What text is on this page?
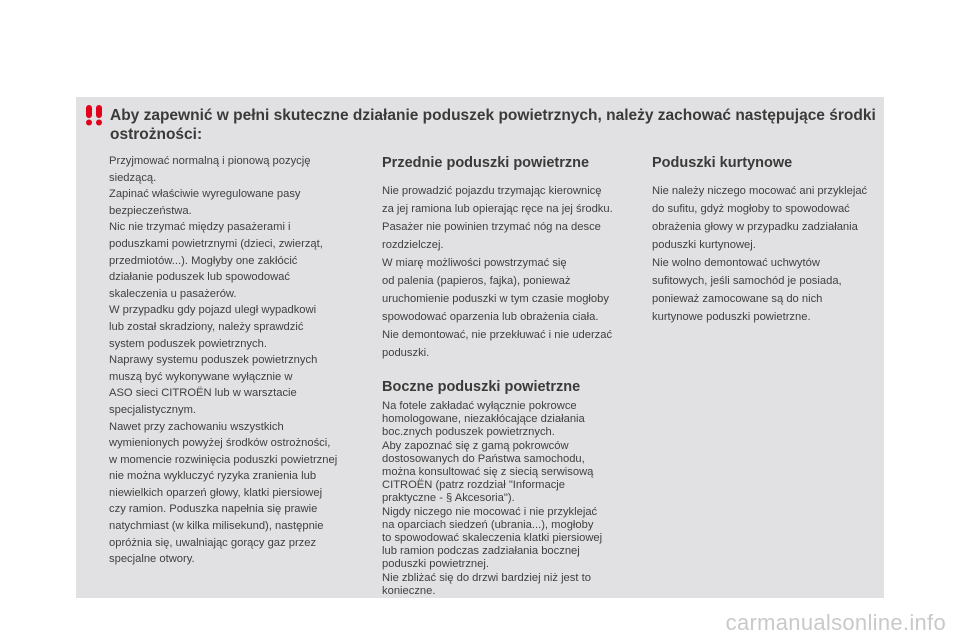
Aby zapewnić w pełni skuteczne działanie poduszek powietrznych, należy zachować następujące środki ostrożności:
Przyjmować normalną i pionową pozycję
siedzącą.
Zapinać właściwie wyregulowane pasy
bezpieczeństwa.
Nic nie trzymać między pasażerami i
poduszkami powietrznymi (dzieci, zwierząt,
przedmiotów...). Mogłyby one zakłócić
działanie poduszek lub spowodować
skaleczenia u pasażerów.
W przypadku gdy pojazd uległ wypadkowi
lub został skradziony, należy sprawdzić
system poduszek powietrznych.
Naprawy systemu poduszek powietrznych
muszą być wykonywane wyłącznie w
ASO sieci CITROËN lub w warsztacie
specjalistycznym.
Nawet przy zachowaniu wszystkich
wymienionych powyżej środków ostrożności,
w momencie rozwinięcia poduszki powietrznej
nie można wykluczyć ryzyka zranienia lub
niewielkich oparzeń głowy, klatki piersiowej
czy ramion. Poduszka napełnia się prawie
natychmiast (w kilka milisekund), następnie
opróżnia się, uwalniając gorący gaz przez
specjalne otwory.
Przednie poduszki powietrzne
Nie prowadzić pojazdu trzymając kierownicę
za jej ramiona lub opierając ręce na jej środku.
Pasażer nie powinien trzymać nóg na desce
rozdzielczej.
W miarę możliwości powstrzymać się
od palenia (papieros, fajka), ponieważ
uruchomienie poduszki w tym czasie mogłoby
spowodować oparzenia lub obrażenia ciała.
Nie demontować, nie przekłuwać i nie uderzać
poduszki.
Boczne poduszki powietrzne
Na fotele zakładać wyłącznie pokrowce
homologowane, niezakłócające działania
boc.znych poduszek powietrznych.
Aby zapoznać się z gamą pokrowców
dostosowanych do Państwa samochodu,
można konsultować się z siecią serwisową
CITROËN (patrz rozdział "Informacje
praktyczne - § Akcesoria").
Nigdy niczego nie mocować i nie przyklejać
na oparciach siedzeń (ubrania...), mogłoby
to spowodować skaleczenia klatki piersiowej
lub ramion podczas zadziałania bocznej
poduszki powietrznej.
Nie zbliżać się do drzwi bardziej niż jest to
konieczne.
Poduszki kurtynowe
Nie należy niczego mocować ani przyklejać
do sufitu, gdyż mogłoby to spowodować
obrażenia głowy w przypadku zadziałania
poduszki kurtynowej.
Nie wolno demontować uchwytów
sufitowych, jeśli samochód je posiada,
ponieważ zamocowane są do nich
kurtynowe poduszki powietrzne.
carmanualsonline.info
